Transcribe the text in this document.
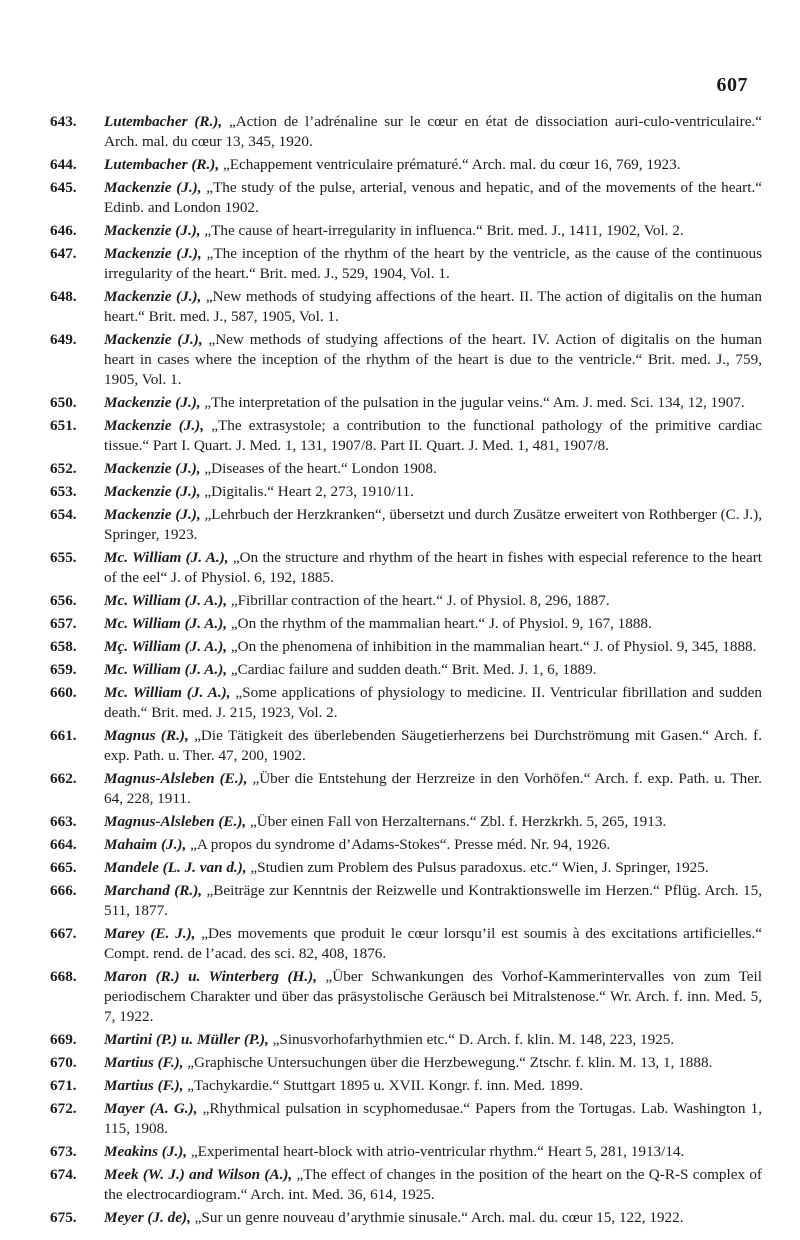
607
643. Lutembacher (R.), „Action de l’adrénaline sur le cœur en état de dissociation auri-culo-ventriculaire.“ Arch. mal. du cœur 13, 345, 1920.
644. Lutembacher (R.), „Echappement ventriculaire prématuré.“ Arch. mal. du cœur 16, 769, 1923.
645. Mackenzie (J.), „The study of the pulse, arterial, venous and hepatic, and of the movements of the heart.“ Edinb. and London 1902.
646. Mackenzie (J.), „The cause of heart-irregularity in influenca.“ Brit. med. J., 1411, 1902, Vol. 2.
647. Mackenzie (J.), „The inception of the rhythm of the heart by the ventricle, as the cause of the continuous irregularity of the heart.“ Brit. med. J., 529, 1904, Vol. 1.
648. Mackenzie (J.), „New methods of studying affections of the heart. II. The action of digitalis on the human heart.“ Brit. med. J., 587, 1905, Vol. 1.
649. Mackenzie (J.), „New methods of studying affections of the heart. IV. Action of digitalis on the human heart in cases where the inception of the rhythm of the heart is due to the ventricle.“ Brit. med. J., 759, 1905, Vol. 1.
650. Mackenzie (J.), „The interpretation of the pulsation in the jugular veins.“ Am. J. med. Sci. 134, 12, 1907.
651. Mackenzie (J.), „The extrasystole; a contribution to the functional pathology of the primitive cardiac tissue.“ Part I. Quart. J. Med. 1, 131, 1907/8. Part II. Quart. J. Med. 1, 481, 1907/8.
652. Mackenzie (J.), „Diseases of the heart.“ London 1908.
653. Mackenzie (J.), „Digitalis.“ Heart 2, 273, 1910/11.
654. Mackenzie (J.), „Lehrbuch der Herzkranken“, übersetzt und durch Zusätze erweitert von Rothberger (C. J.), Springer, 1923.
655. Mc. William (J. A.), „On the structure and rhythm of the heart in fishes with especial reference to the heart of the eel“ J. of Physiol. 6, 192, 1885.
656. Mc. William (J. A.), „Fibrillar contraction of the heart.“ J. of Physiol. 8, 296, 1887.
657. Mc. William (J. A.), „On the rhythm of the mammalian heart.“ J. of Physiol. 9, 167, 1888.
658. Mç. William (J. A.), „On the phenomena of inhibition in the mammalian heart.“ J. of Physiol. 9, 345, 1888.
659. Mc. William (J. A.), „Cardiac failure and sudden death.“ Brit. Med. J. 1, 6, 1889.
660. Mc. William (J. A.), „Some applications of physiology to medicine. II. Ventricular fibrillation and sudden death.“ Brit. med. J. 215, 1923, Vol. 2.
661. Magnus (R.), „Die Tätigkeit des überlebenden Säugetierherzens bei Durchströmung mit Gasen.“ Arch. f. exp. Path. u. Ther. 47, 200, 1902.
662. Magnus-Alsleben (E.), „Über die Entstehung der Herzreize in den Vorhöfen.“ Arch. f. exp. Path. u. Ther. 64, 228, 1911.
663. Magnus-Alsleben (E.), „Über einen Fall von Herzalternans.“ Zbl. f. Herzkrkh. 5, 265, 1913.
664. Mahaim (J.), „A propos du syndrome d’Adams-Stokes“. Presse méd. Nr. 94, 1926.
665. Mandele (L. J. van d.), „Studien zum Problem des Pulsus paradoxus. etc.“ Wien, J. Springer, 1925.
666. Marchand (R.), „Beiträge zur Kenntnis der Reizwelle und Kontraktionswelle im Herzen.“ Pflüg. Arch. 15, 511, 1877.
667. Marey (E. J.), „Des movements que produit le cœur lorsqu’il est soumis à des excitations artificielles.“ Compt. rend. de l’acad. des sci. 82, 408, 1876.
668. Maron (R.) u. Winterberg (H.), „Über Schwankungen des Vorhof-Kammerintervalles von zum Teil periodischem Charakter und über das präsystolische Geräusch bei Mitralstenose.“ Wr. Arch. f. inn. Med. 5, 7, 1922.
669. Martini (P.) u. Müller (P.), „Sinusvorhofarhythmien etc.“ D. Arch. f. klin. M. 148, 223, 1925.
670. Martius (F.), „Graphische Untersuchungen über die Herzbewegung.“ Ztschr. f. klin. M. 13, 1, 1888.
671. Martius (F.), „Tachykardie.“ Stuttgart 1895 u. XVII. Kongr. f. inn. Med. 1899.
672. Mayer (A. G.), „Rhythmical pulsation in scyphomedusae.“ Papers from the Tortugas. Lab. Washington 1, 115, 1908.
673. Meakins (J.), „Experimental heart-block with atrio-ventricular rhythm.“ Heart 5, 281, 1913/14.
674. Meek (W. J.) and Wilson (A.), „The effect of changes in the position of the heart on the Q-R-S complex of the electrocardiogram.“ Arch. int. Med. 36, 614, 1925.
675. Meyer (J. de), „Sur un genre nouveau d’arythmie sinusale.“ Arch. mal. du. cœur 15, 122, 1922.
